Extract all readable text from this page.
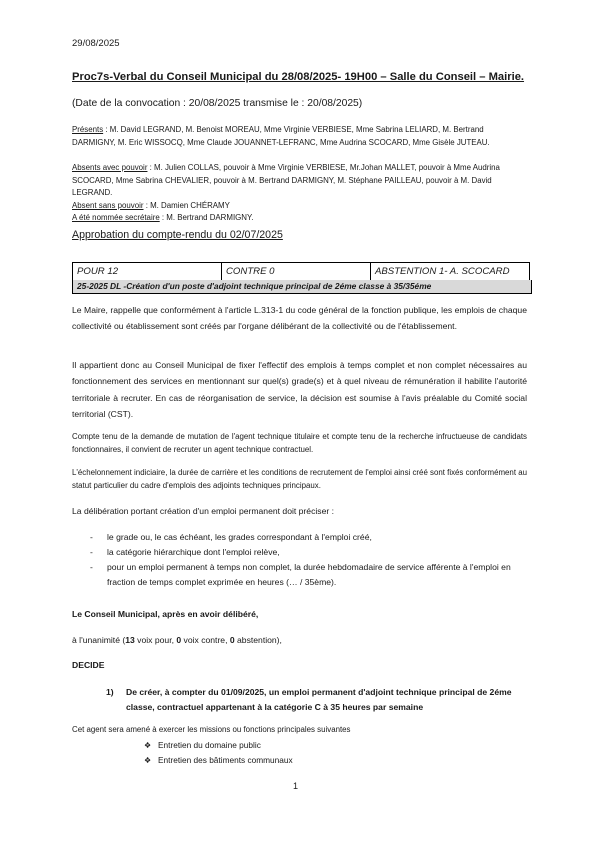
29/08/2025
Proc7s-Verbal du Conseil Municipal du 28/08/2025- 19H00 – Salle du Conseil – Mairie.
(Date de la convocation : 20/08/2025 transmise le : 20/08/2025)
Présents : M. David LEGRAND, M. Benoist MOREAU, Mme Virginie VERBIESE, Mme Sabrina LELIARD, M. Bertrand DARMIGNY, M. Eric WISSOCQ, Mme Claude JOUANNET-LEFRANC, Mme Audrina SCOCARD, Mme Gisèle JUTEAU.
Absents avec pouvoir : M. Julien COLLAS, pouvoir à Mme Virginie VERBIESE, Mr.Johan MALLET, pouvoir à Mme Audrina SCOCARD, Mme Sabrina CHEVALIER, pouvoir à M. Bertrand DARMIGNY, M. Stéphane PAILLEAU, pouvoir à M. David LEGRAND.
Absent sans pouvoir : M. Damien CHÉRAMY
A été nommée secrétaire : M. Bertrand DARMIGNY.
Approbation du compte-rendu du 02/07/2025
POUR 12	CONTRE 0	ABSTENTION 1- A. SCOCARD
25-2025 DL -Création d'un poste d'adjoint technique principal de 2éme classe à 35/35éme
Le Maire, rappelle que conformément à l'article L.313-1 du code général de la fonction publique, les emplois de chaque collectivité ou établissement sont créés par l'organe délibérant de la collectivité ou de l'établissement.
Il appartient donc au Conseil Municipal de fixer l'effectif des emplois à temps complet et non complet nécessaires au fonctionnement des services en mentionnant sur quel(s) grade(s) et à quel niveau de rémunération il habilite l'autorité territoriale à recruter. En cas de réorganisation de service, la décision est soumise à l'avis préalable du Comité social territorial (CST).
Compte tenu de la demande de mutation de l'agent technique titulaire et compte tenu de la recherche infructueuse de candidats fonctionnaires, il convient de recruter un agent technique contractuel.
L'échelonnement indiciaire, la durée de carrière et les conditions de recrutement de l'emploi ainsi créé sont fixés conformément au statut particulier du cadre d'emplois des adjoints techniques principaux.
La délibération portant création d'un emploi permanent doit préciser :
- le grade ou, le cas échéant, les grades correspondant à l'emploi créé,
- la catégorie hiérarchique dont l'emploi relève,
- pour un emploi permanent à temps non complet, la durée hebdomadaire de service afférente à l'emploi en fraction de temps complet exprimée en heures (… / 35ème).
Le Conseil Municipal, après en avoir délibéré,
à l'unanimité (13 voix pour, 0 voix contre, 0 abstention),
DECIDE
1) De créer, à compter du 01/09/2025, un emploi permanent d'adjoint technique principal de 2éme classe, contractuel appartenant à la catégorie C à 35 heures par semaine
Cet agent sera amené à exercer les missions ou fonctions principales suivantes
❖ Entretien du domaine public
❖ Entretien des bâtiments communaux
1
